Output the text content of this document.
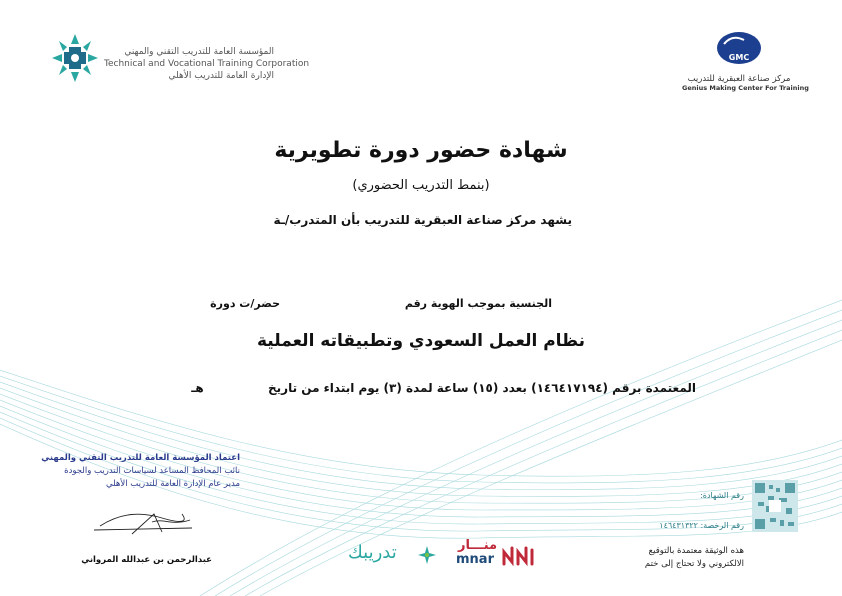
المؤسسة العامة للتدريب التقني والمهني
Technical and Vocational Training Corporation
الإدارة العامة للتدريب الأهلي
GMC
مركز صناعة العبقرية للتدريب
Genius Making Center For Training
شهادة حضور دورة تطويرية
(بنمط التدريب الحضوري)
يشهد مركز صناعة العبقرية للتدريب بأن المتدرب/ـة
الجنسية بموجب الهوية رقم
حضر/ت دورة
نظام العمل السعودي وتطبيقاته العملية
المعتمدة برقم (١٤٦٤١٧١٩٤) بعدد (١٥) ساعة لمدة (٣) يوم ابتداء من تاريخ  هـ
اعتماد المؤسسة العامة للتدريب التقني والمهني
نائب المحافظ المساعد لسياسات التدريب والجودة
مدير عام الإدارة العامة للتدريب الأهلي
عبدالرحمن بن عبدالله المرواني	تدريبك	منـــار
mnar
رقم الشهادة:
رقم الرخصة: ١٤٦٤٣١٣٢٢
هذه الوثيقة معتمدة بالتوقيع
الالكتروني ولا تحتاج إلى ختم
